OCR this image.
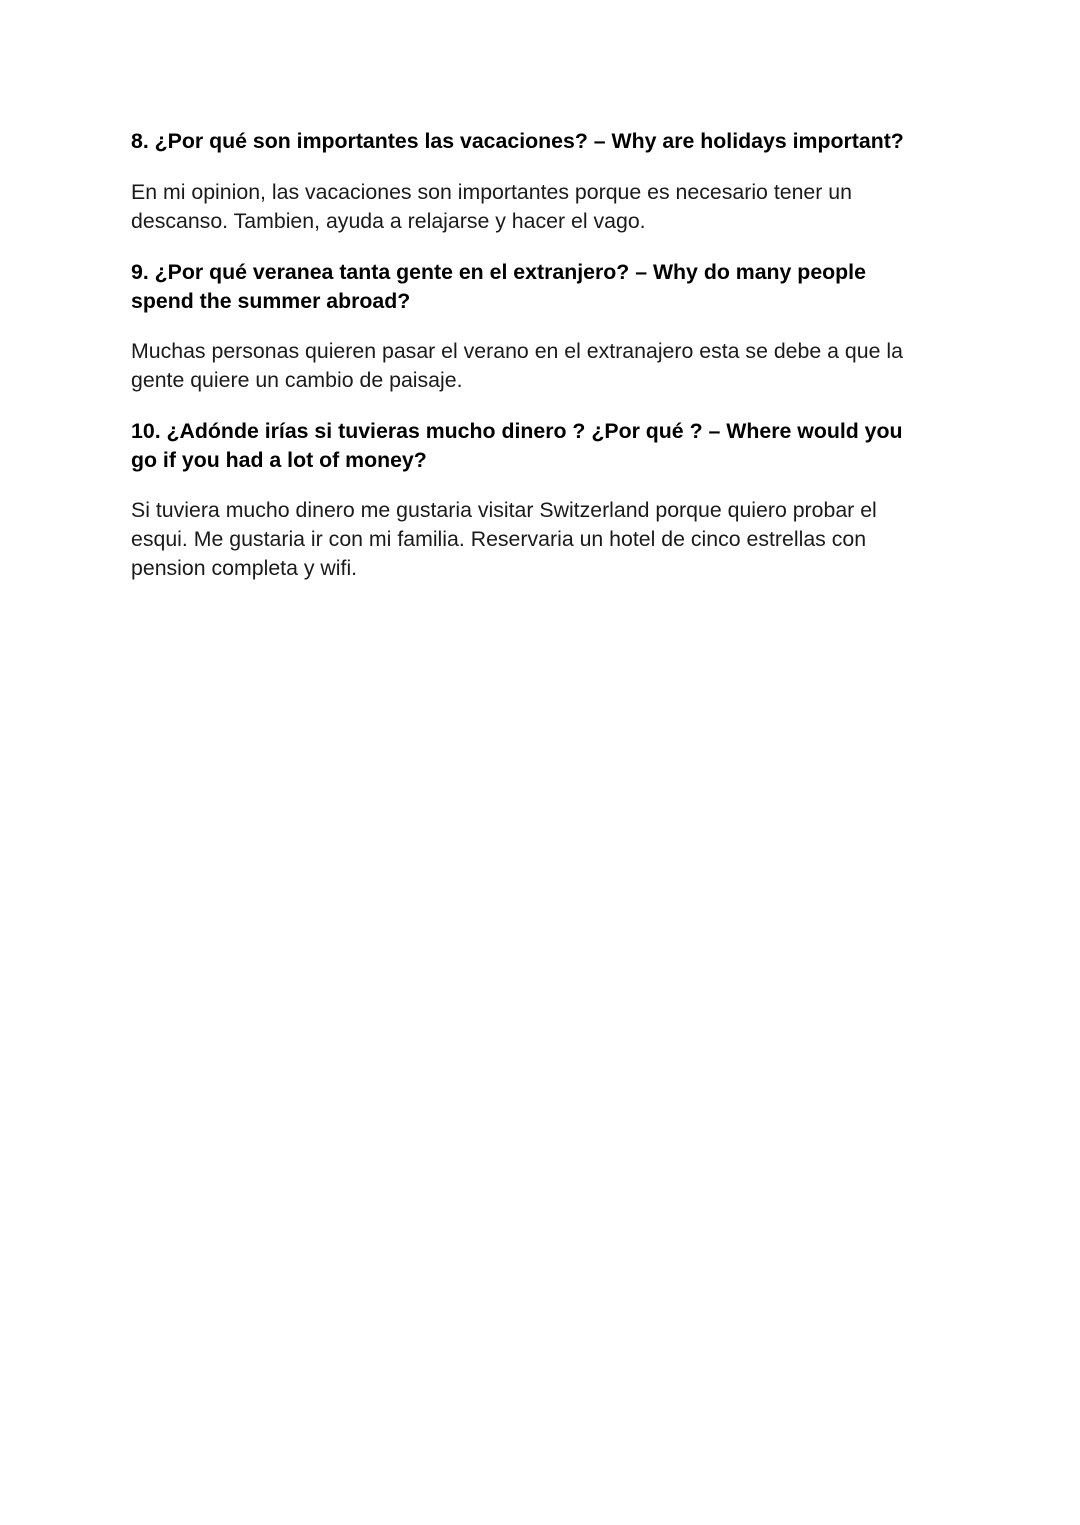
8. ¿Por qué son importantes las vacaciones? – Why are holidays important?

En mi opinion, las vacaciones son importantes porque es necesario tener un

descanso. Tambien, ayuda a relajarse y hacer el vago.

9. ¿Por qué veranea tanta gente en el extranjero? – Why do many people

spend the summer abroad?

Muchas personas quieren pasar el verano en el extranajero esta se debe a que la

gente quiere un cambio de paisaje.

10. ¿Adónde irías si tuvieras mucho dinero ? ¿Por qué ? – Where would you

go if you had a lot of money?

Si tuviera mucho dinero me gustaria visitar Switzerland porque quiero probar el

esqui. Me gustaria ir con mi familia. Reservaria un hotel de cinco estrellas con

pension completa y wifi.
